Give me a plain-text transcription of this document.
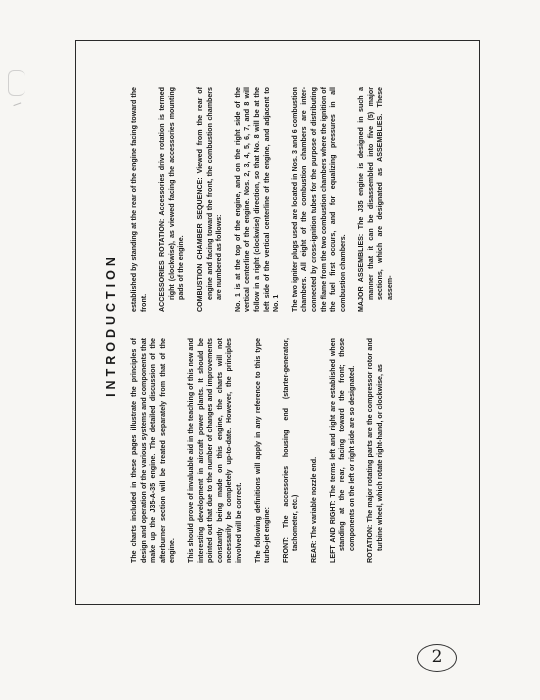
INTRODUCTION

The charts included in these pages illustrate the principles of design and operation of the various systems and components that make up the J35-A-35 engine. The detailed discussion of the afterburner section will be treated separately from that of the engine. This should prove of invaluable aid in the teaching of this new and interesting development in aircraft power plants. It should be pointed out that due to the number of changes and improvements constantly being made on this engine, the charts will not necessarily be completely up-to-date. However, the principles involved will be correct. The following definitions will apply in any reference to this type turbo-jet engine: FRONT: The accessories housing end (starter-generator, tachometer, etc.)

REAR: The variable nozzle end. LEFT AND RIGHT: The terms left and right are established when standing at the rear, facing toward the front; those components on the left or right side are so designated. ROTATION: The major rotating parts are the compressor rotor and turbine wheel, which rotate right-hand, or clockwise, as

established by standing at the rear of the engine facing toward the front. ACCESSORIES ROTATION: Accessories drive rotation is termed right (clockwise), as viewed facing the accessories mounting pads of the engine. COMBUSTION CHAMBER SEQUENCE: Viewed from the rear of engine and facing toward the front, the combustion chambers are numbered as follows: No. 1 is at the top of the engine, and on the right side of the vertical centerline of the engine. Nos. 2, 3, 4, 5, 6, 7, and 8 will follow in a right (clockwise) direction, so that No. 8 will be at the left side of the vertical centerline of the engine, and adjacent to No. 1 The two igniter plugs used are located in Nos. 3 and 6 combustion chambers. All eight of the combustion chambers are inter-connected by cross-ignition tubes for the purpose of distributing the flame from the two combustion chambers where the ignition of the fuel first occurs, and for equalizing pressures in all combustion chambers. MAJOR ASSEMBLIES: The J35 engine is designed in such a manner that it can be disassembled into five (5) major sections, which are designated as ASSEMBLIES. These assem-

2
